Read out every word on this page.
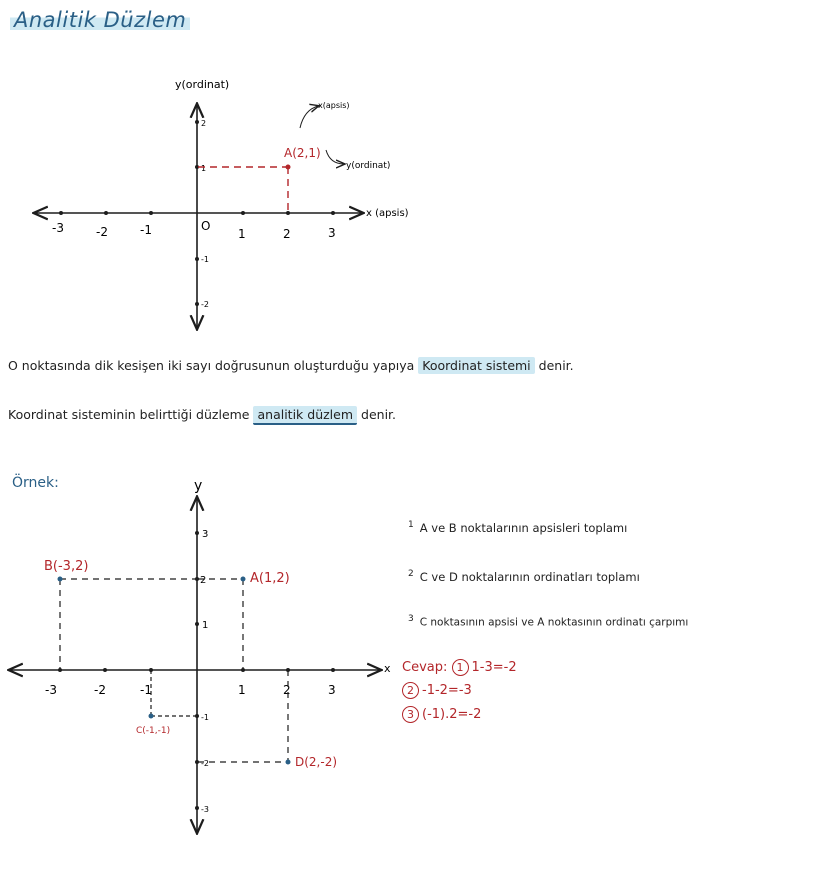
Analitik Düzlem
-3	-2	-1	1	2	3
O
2
1
-1
-2
y(ordinat)
x (apsis)
A(2,1)
x(apsis)
y(ordinat)
-3	-2	-1	1	2	3
3
2
1
-1
-2
-3
y
x
A(1,2)
B(-3,2)
C(-1,-1)
D(2,-2)
O noktasında dik kesişen iki sayı doğrusunun oluşturduğu yapıya Koordinat sistemi denir.
Koordinat sisteminin belirttiği düzleme analitik düzlem denir.
Örnek:
$^1$ A ve B noktalarının apsisleri toplamı
$^2$ C ve D noktalarının ordinatları toplamı
3 C noktasının apsisi ve A noktasının ordinatı çarpımı
Cevap: 1 1-3=-2
2 -1-2=-3
3 (-1).2=-2
